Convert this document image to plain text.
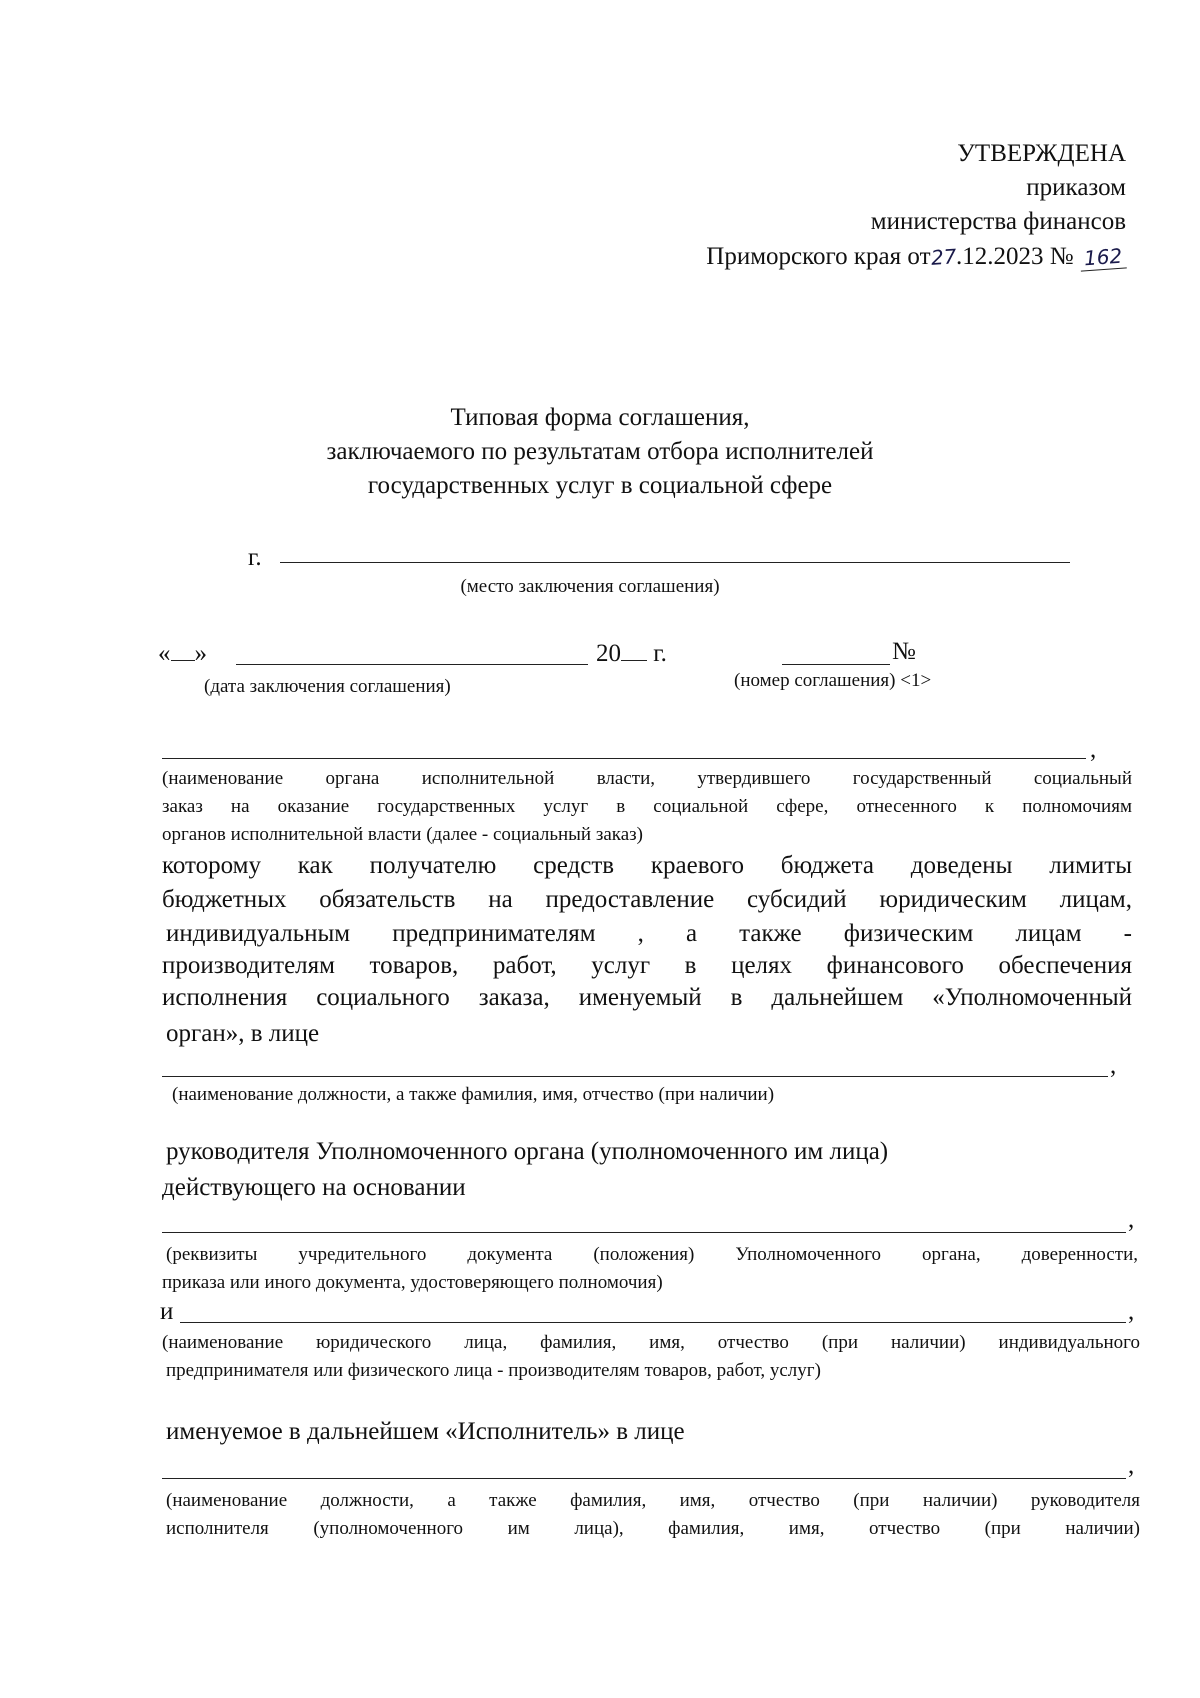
УТВЕРЖДЕНА
приказом
министерства финансов
Приморского края от27.12.2023 № 162
Типовая форма соглашения,
заключаемого по результатам отбора исполнителей
государственных услуг в социальной сфере
г.
(место заключения соглашения)
« »	20 г.	№
(дата заключения соглашения)	(номер соглашения) <1>
,
(наименование органа исполнительной власти, утвердившего государственный социальный
заказ на оказание государственных услуг в социальной сфере, отнесенного к полномочиям
органов исполнительной власти (далее - социальный заказ)
которому как получателю средств краевого бюджета доведены лимиты
бюджетных обязательств на предоставление субсидий юридическим лицам,
индивидуальным предпринимателям , а также физическим лицам -
производителям товаров, работ, услуг в целях финансового обеспечения
исполнения социального заказа, именуемый в дальнейшем «Уполномоченный
орган», в лице
,
(наименование должности, а также фамилия, имя, отчество (при наличии)
руководителя Уполномоченного органа (уполномоченного им лица)
действующего на основании
,
(реквизиты учредительного документа (положения) Уполномоченного органа, доверенности,
приказа или иного документа, удостоверяющего полномочия)
и	,
(наименование юридического лица, фамилия, имя, отчество (при наличии) индивидуального
предпринимателя или физического лица - производителям товаров, работ, услуг)
именуемое в дальнейшем «Исполнитель» в лице
,
(наименование должности, а также фамилия, имя, отчество (при наличии) руководителя
исполнителя (уполномоченного им лица), фамилия, имя, отчество (при наличии)
